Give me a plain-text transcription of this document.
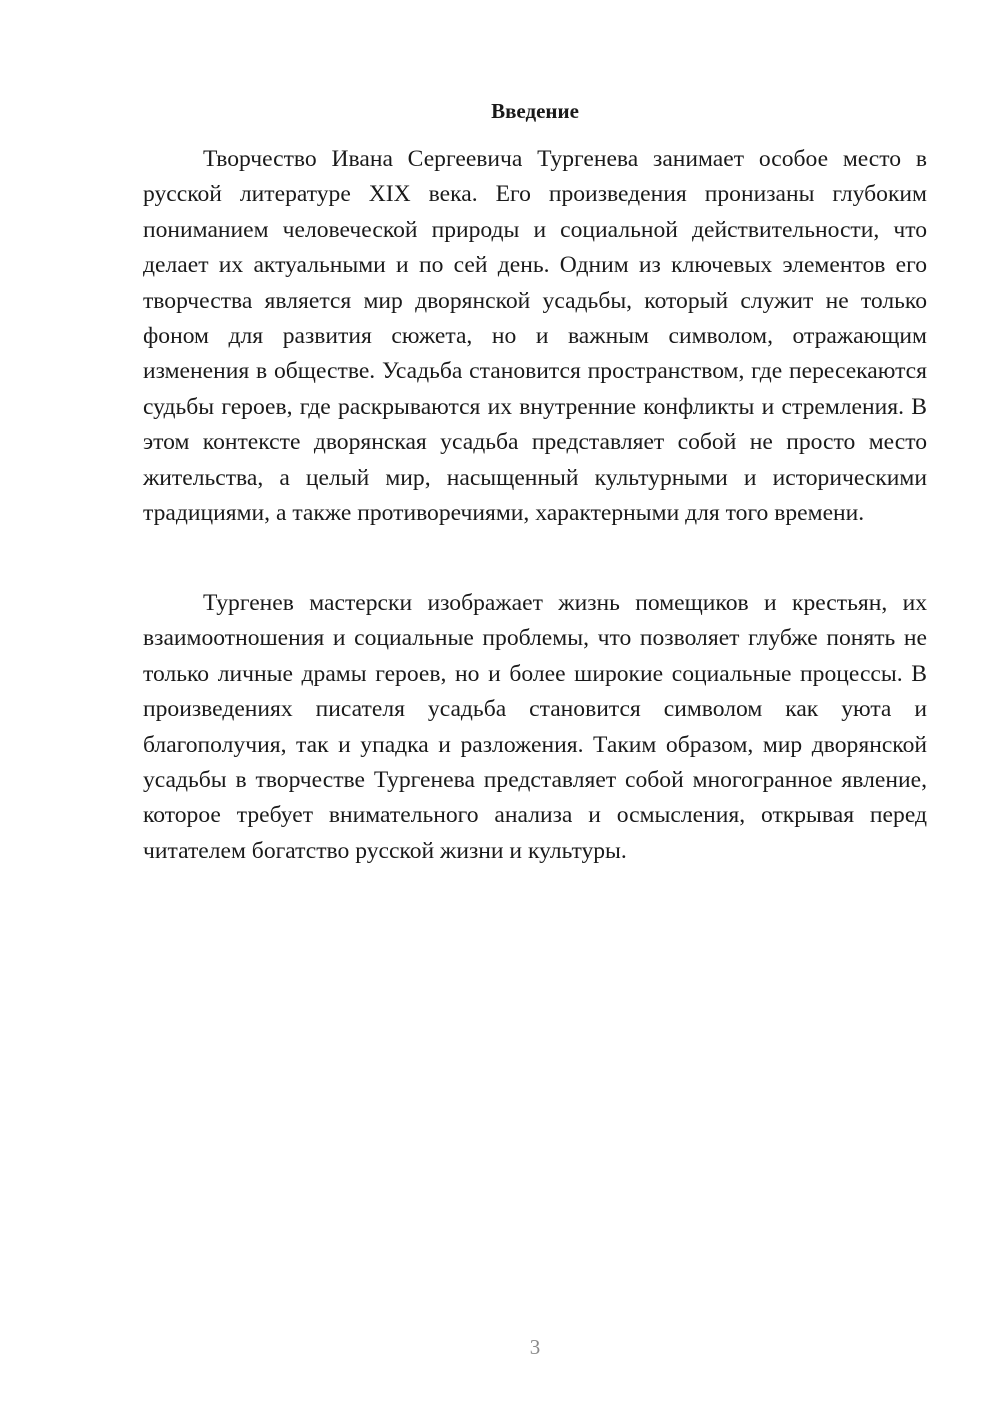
Введение

Творчество Ивана Сергеевича Тургенева занимает особое место в русской литературе XIX века. Его произведения пронизаны глубоким пониманием человеческой природы и социальной действительности, что делает их актуальными и по сей день. Одним из ключевых элементов его творчества является мир дворянской усадьбы, который служит не только фоном для развития сюжета, но и важным символом, отражающим изменения в обществе. Усадьба становится пространством, где пересекаются судьбы героев, где раскрываются их внутренние конфликты и стремления. В этом контексте дворянская усадьба представляет собой не просто место жительства, а целый мир, насыщенный культурными и историческими традициями, а также противоречиями, характерными для того времени.

Тургенев мастерски изображает жизнь помещиков и крестьян, их взаимоотношения и социальные проблемы, что позволяет глубже понять не только личные драмы героев, но и более широкие социальные процессы. В произведениях писателя усадьба становится символом как уюта и благополучия, так и упадка и разложения. Таким образом, мир дворянской усадьбы в творчестве Тургенева представляет собой многогранное явление, которое требует внимательного анализа и осмысления, открывая перед читателем богатство русской жизни и культуры.

3
